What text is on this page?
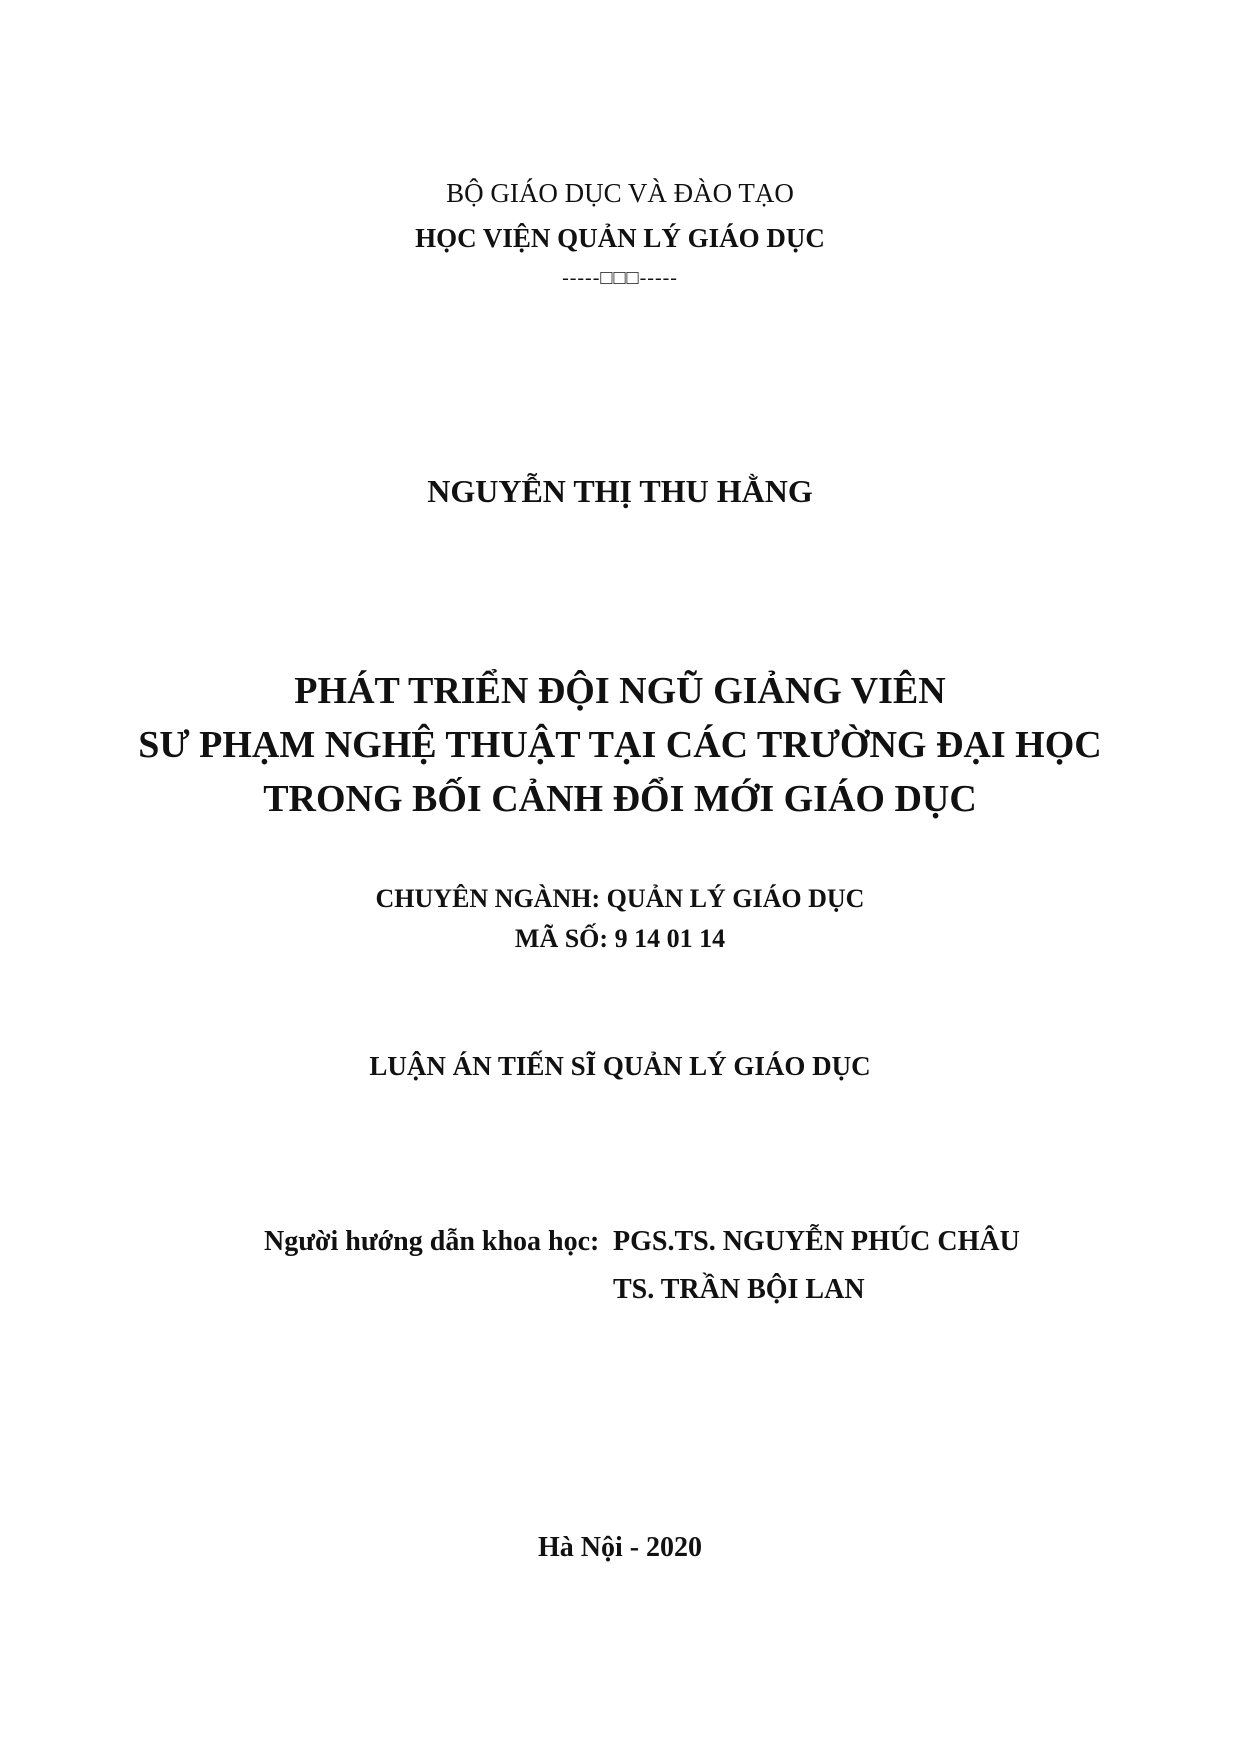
BỘ GIÁO DỤC VÀ ĐÀO TẠO
HỌC VIỆN QUẢN LÝ GIÁO DỤC
-----□□□-----
NGUYỄN THỊ THU HẰNG
PHÁT TRIỂN ĐỘI NGŨ GIẢNG VIÊN
SƯ PHẠM NGHỆ THUẬT TẠI CÁC TRƯỜNG ĐẠI HỌC
TRONG BỐI CẢNH ĐỔI MỚI GIÁO DỤC
CHUYÊN NGÀNH: QUẢN LÝ GIÁO DỤC
MÃ SỐ: 9 14 01 14
LUẬN ÁN TIẾN SĨ QUẢN LÝ GIÁO DỤC
Người hướng dẫn khoa học: PGS.TS. NGUYỄN PHÚC CHÂU
TS. TRẦN BỘI LAN
Hà Nội - 2020
